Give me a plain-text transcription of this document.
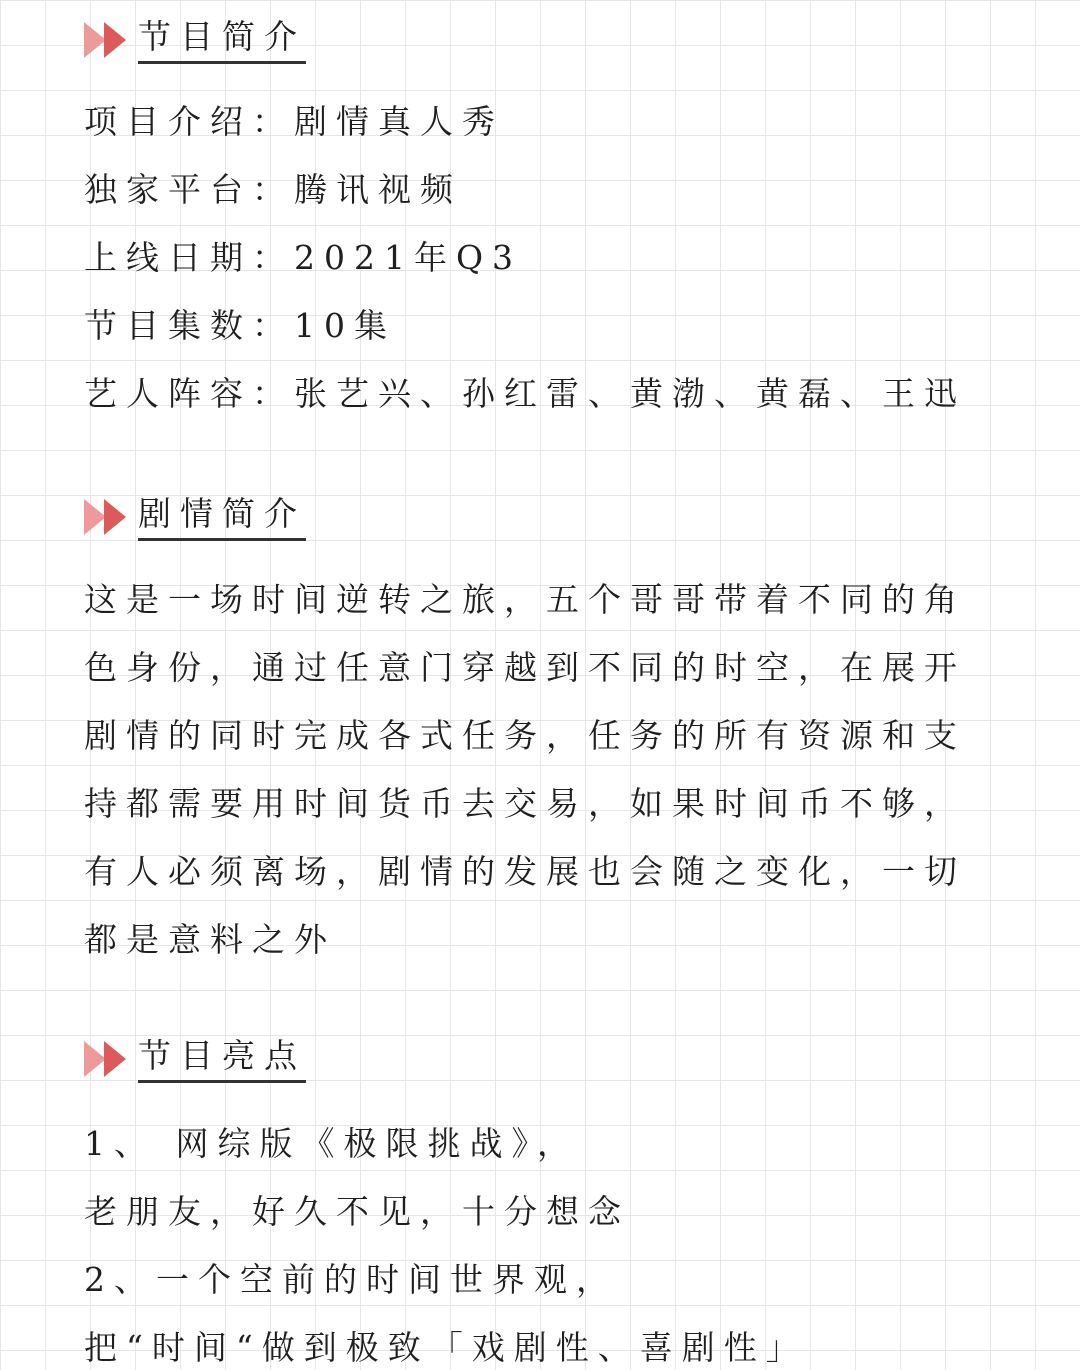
节目简介
项目介绍：剧情真人秀
独家平台：腾讯视频
上线日期：2021年Q3
节目集数：10集
艺人阵容：张艺兴、孙红雷、黄渤、黄磊、王迅
剧情简介
这是一场时间逆转之旅，五个哥哥带着不同的角
色身份，通过任意门穿越到不同的时空，在展开
剧情的同时完成各式任务，任务的所有资源和支
持都需要用时间货币去交易，如果时间币不够，
有人必须离场，剧情的发展也会随之变化，一切
都是意料之外
节目亮点
1、 网综版《极限挑战》，
老朋友，好久不见，十分想念
2、一个空前的时间世界观，
把“时间“做到极致「戏剧性、喜剧性」
